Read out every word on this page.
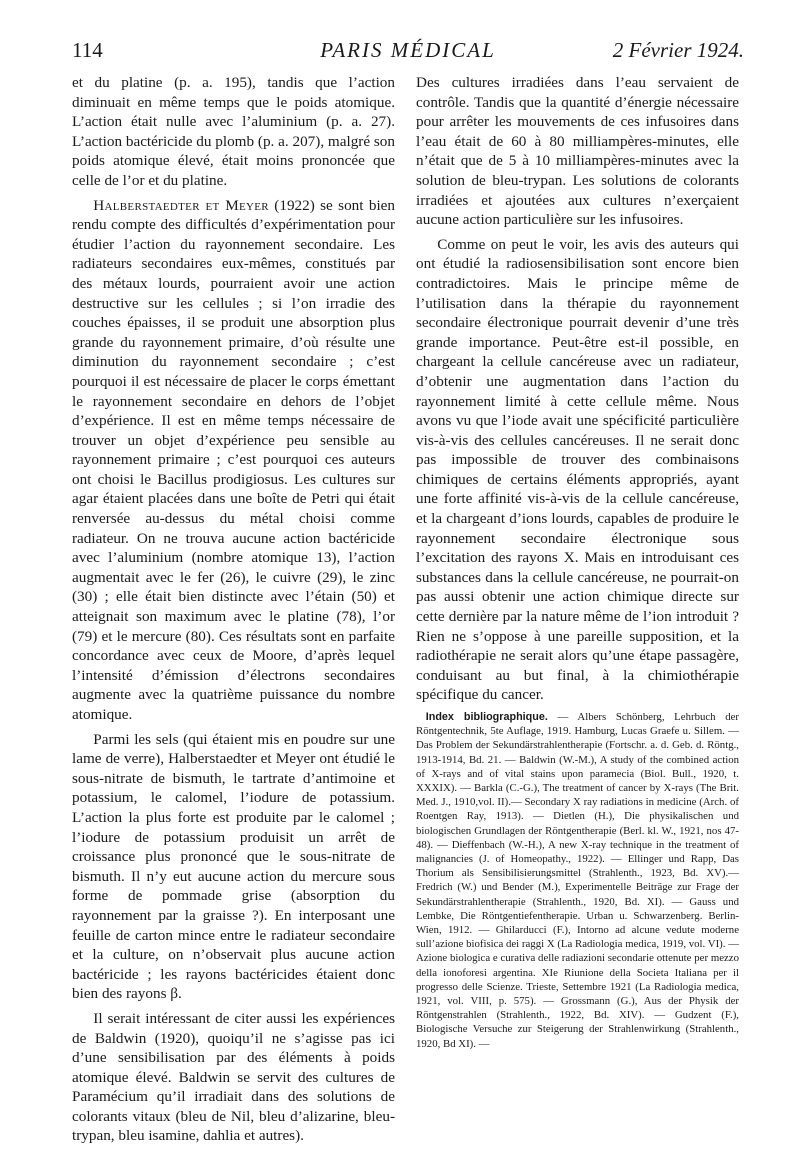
114	PARIS MÉDICAL	2 Février 1924.

et du platine (p. a. 195), tandis que l’action diminuait en même temps que le poids atomique. L’action était nulle avec l’aluminium (p. a. 27). L’action bactéricide du plomb (p. a. 207), malgré son poids atomique élevé, était moins prononcée que celle de l’or et du platine.

Halberstaedter et Meyer (1922) se sont bien rendu compte des difficultés d’expérimentation pour étudier l’action du rayonnement secondaire. Les radiateurs secondaires eux-mêmes, constitués par des métaux lourds, pourraient avoir une action destructive sur les cellules ; si l’on irradie des couches épaisses, il se produit une absorption plus grande du rayonnement primaire, d’où résulte une diminution du rayonnement secondaire ; c’est pourquoi il est nécessaire de placer le corps émettant le rayonnement secondaire en dehors de l’objet d’expérience. Il est en même temps nécessaire de trouver un objet d’expérience peu sensible au rayonnement primaire ; c’est pourquoi ces auteurs ont choisi le Bacillus prodigiosus. Les cultures sur agar étaient placées dans une boîte de Petri qui était renversée au-dessus du métal choisi comme radiateur. On ne trouva aucune action bactéricide avec l’aluminium (nombre atomique 13), l’action augmentait avec le fer (26), le cuivre (29), le zinc (30) ; elle était bien distincte avec l’étain (50) et atteignait son maximum avec le platine (78), l’or (79) et le mercure (80). Ces résultats sont en parfaite concordance avec ceux de Moore, d’après lequel l’intensité d’émission d’électrons secondaires augmente avec la quatrième puissance du nombre atomique.

Parmi les sels (qui étaient mis en poudre sur une lame de verre), Halberstaedter et Meyer ont étudié le sous-nitrate de bismuth, le tartrate d’antimoine et potassium, le calomel, l’iodure de potassium. L’action la plus forte est produite par le calomel ; l’iodure de potassium produisit un arrêt de croissance plus prononcé que le sous-nitrate de bismuth. Il n’y eut aucune action du mercure sous forme de pommade grise (absorption du rayonnement par la graisse ?). En interposant une feuille de carton mince entre le radiateur secondaire et la culture, on n’observait plus aucune action bactéricide ; les rayons bactéricides étaient donc bien des rayons β.

Il serait intéressant de citer aussi les expériences de Baldwin (1920), quoiqu’il ne s’agisse pas ici d’une sensibilisation par des éléments à poids atomique élevé. Baldwin se servit des cultures de Paramécium qu’il irradiait dans des solutions de colorants vitaux (bleu de Nil, bleu d’alizarine, bleu-trypan, bleu isamine, dahlia et autres).

Des cultures irradiées dans l’eau servaient de contrôle. Tandis que la quantité d’énergie nécessaire pour arrêter les mouvements de ces infusoires dans l’eau était de 60 à 80 milliampères-minutes, elle n’était que de 5 à 10 milliampères-minutes avec la solution de bleu-trypan. Les solutions de colorants irradiées et ajoutées aux cultures n’exerçaient aucune action particulière sur les infusoires.

Comme on peut le voir, les avis des auteurs qui ont étudié la radiosensibilisation sont encore bien contradictoires. Mais le principe même de l’utilisation dans la thérapie du rayonnement secondaire électronique pourrait devenir d’une très grande importance. Peut-être est-il possible, en chargeant la cellule cancéreuse avec un radiateur, d’obtenir une augmentation dans l’action du rayonnement limité à cette cellule même. Nous avons vu que l’iode avait une spécificité particulière vis-à-vis des cellules cancéreuses. Il ne serait donc pas impossible de trouver des combinaisons chimiques de certains éléments appropriés, ayant une forte affinité vis-à-vis de la cellule cancéreuse, et la chargeant d’ions lourds, capables de produire le rayonnement secondaire électronique sous l’excitation des rayons X. Mais en introduisant ces substances dans la cellule cancéreuse, ne pourrait-on pas aussi obtenir une action chimique directe sur cette dernière par la nature même de l’ion introduit ? Rien ne s’oppose à une pareille supposition, et la radiothérapie ne serait alors qu’une étape passagère, conduisant au but final, à la chimiothérapie spécifique du cancer.

Index bibliographique. — Albers Schönberg, Lehrbuch der Röntgentechnik, 5te Auflage, 1919. Hamburg, Lucas Graefe u. Sillem. — Das Problem der Sekundärstrahlentherapie (Fortschr. a. d. Geb. d. Röntg., 1913-1914, Bd. 21. — Baldwin (W.-M.), A study of the combined action of X-rays and of vital stains upon paramecia (Biol. Bull., 1920, t. XXXIX). — Barkla (C.-G.), The treatment of cancer by X-rays (The Brit. Med. J., 1910,vol. II).— Secondary X ray radiations in medicine (Arch. of Roentgen Ray, 1913). — Dietlen (H.), Die physikalischen und biologischen Grundlagen der Röntgentherapie (Berl. kl. W., 1921, nos 47-48). — Dieffenbach (W.-H.), A new X-ray technique in the treatment of malignancies (J. of Homeopathy., 1922). — Ellinger und Rapp, Das Thorium als Sensibilisierungsmittel (Strahlenth., 1923, Bd. XV).—Fredrich (W.) und Bender (M.), Experimentelle Beiträge zur Frage der Sekundärstrahlentherapie (Strahlenth., 1920, Bd. XI). — Gauss und Lembke, Die Röntgentiefentherapie. Urban u. Schwarzenberg. Berlin-Wien, 1912. — Ghilarducci (F.), Intorno ad alcune vedute moderne sull’azione biofisica dei raggi X (La Radiologia medica, 1919, vol. VI). — Azione biologica e curativa delle radiazioni secondarie ottenute per mezzo della ionoforesi argentina. XIe Riunione della Societa Italiana per il progresso delle Scienze. Trieste, Settembre 1921 (La Radiologia medica, 1921, vol. VIII, p. 575). — Grossmann (G.), Aus der Physik der Röntgenstrahlen (Strahlenth., 1922, Bd. XIV). — Gudzent (F.), Biologische Versuche zur Steigerung der Strahlenwirkung (Strahlenth., 1920, Bd XI). —
